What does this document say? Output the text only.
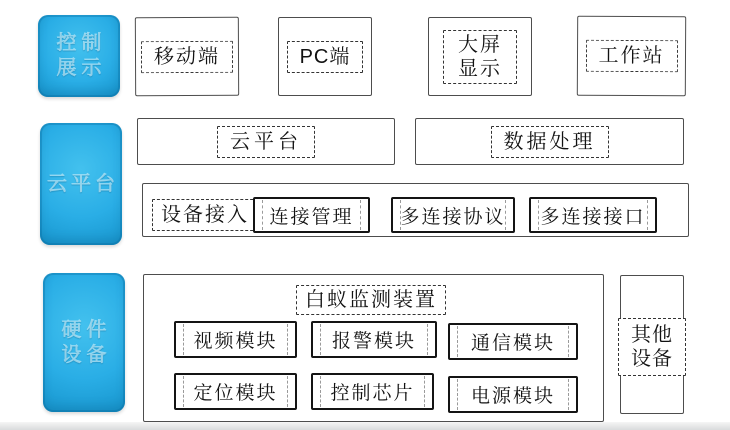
控制
展示
云平台
硬件
设备
移动端	PC端
大屏
显示
工作站
云平台	数据处理
设备接入 连接管理 多连接协议 多连接接口
白蚁监测装置
视频模块	报警模块	通信模块
定位模块	控制芯片	电源模块
其他
设备
